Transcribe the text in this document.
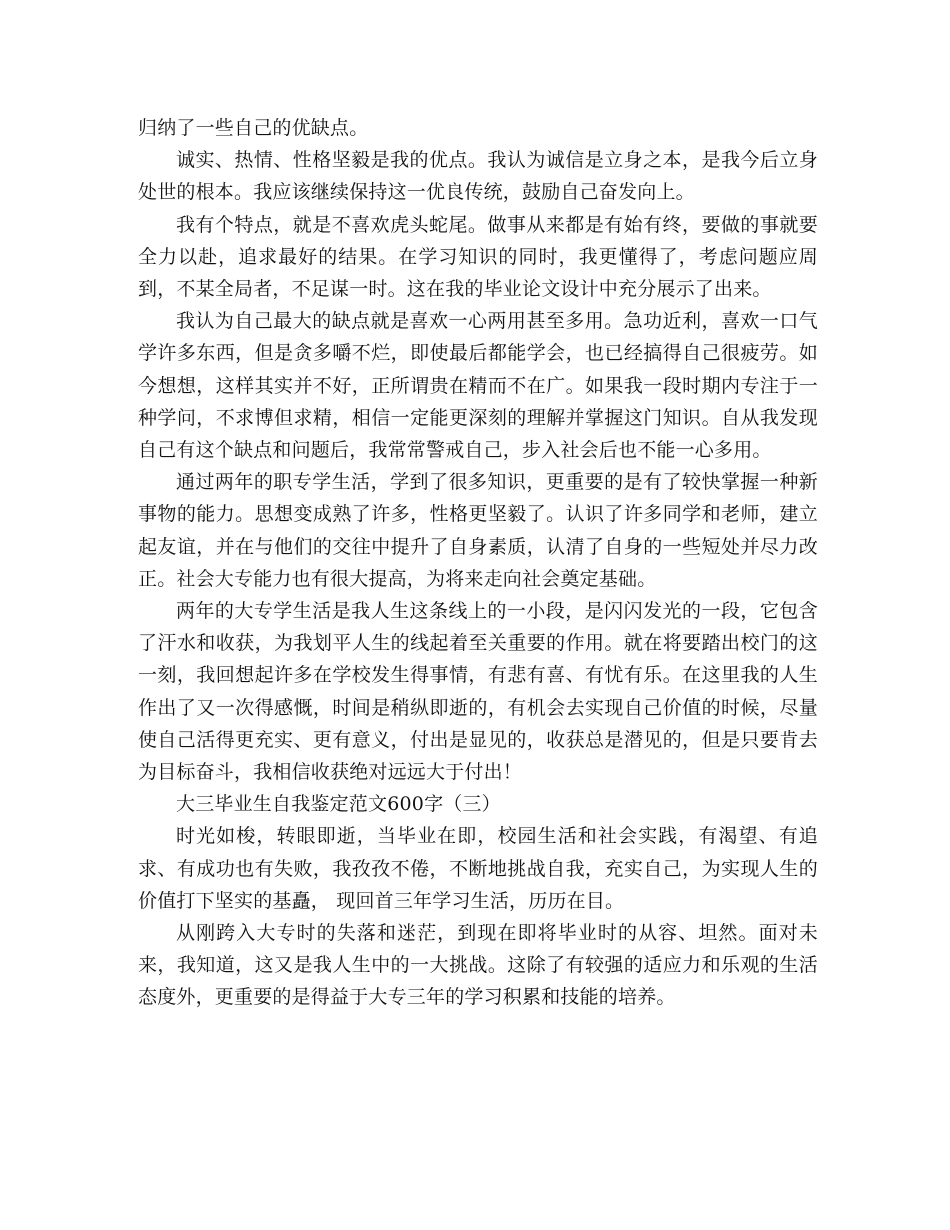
归纳了一些自己的优缺点。

诚实、热情、性格坚毅是我的优点。我认为诚信是立身之本，是我今后立身处世的根本。我应该继续保持这一优良传统，鼓励自己奋发向上。

我有个特点，就是不喜欢虎头蛇尾。做事从来都是有始有终，要做的事就要全力以赴，追求最好的结果。在学习知识的同时，我更懂得了，考虑问题应周到，不某全局者，不足谋一时。这在我的毕业论文设计中充分展示了出来。

我认为自己最大的缺点就是喜欢一心两用甚至多用。急功近利，喜欢一口气学许多东西，但是贪多嚼不烂，即使最后都能学会，也已经搞得自己很疲劳。如今想想，这样其实并不好，正所谓贵在精而不在广。如果我一段时期内专注于一种学问，不求博但求精，相信一定能更深刻的理解并掌握这门知识。自从我发现自己有这个缺点和问题后，我常常警戒自己，步入社会后也不能一心多用。

通过两年的职专学生活，学到了很多知识，更重要的是有了较快掌握一种新事物的能力。思想变成熟了许多，性格更坚毅了。认识了许多同学和老师，建立起友谊，并在与他们的交往中提升了自身素质，认清了自身的一些短处并尽力改正。社会大专能力也有很大提高，为将来走向社会奠定基础。

两年的大专学生活是我人生这条线上的一小段，是闪闪发光的一段，它包含了汗水和收获，为我划平人生的线起着至关重要的作用。就在将要踏出校门的这一刻，我回想起许多在学校发生得事情，有悲有喜、有忧有乐。在这里我的人生作出了又一次得感慨，时间是稍纵即逝的，有机会去实现自己价值的时候，尽量使自己活得更充实、更有意义，付出是显见的，收获总是潜见的，但是只要肯去为目标奋斗，我相信收获绝对远远大于付出！

大三毕业生自我鉴定范文600字（三）

时光如梭，转眼即逝，当毕业在即，校园生活和社会实践，有渴望、有追求、有成功也有失败，我孜孜不倦，不断地挑战自我，充实自己，为实现人生的价值打下坚实的基矗， 现回首三年学习生活，历历在目。

从刚跨入大专时的失落和迷茫，到现在即将毕业时的从容、坦然。面对未来，我知道，这又是我人生中的一大挑战。这除了有较强的适应力和乐观的生活态度外，更重要的是得益于大专三年的学习积累和技能的培养。
